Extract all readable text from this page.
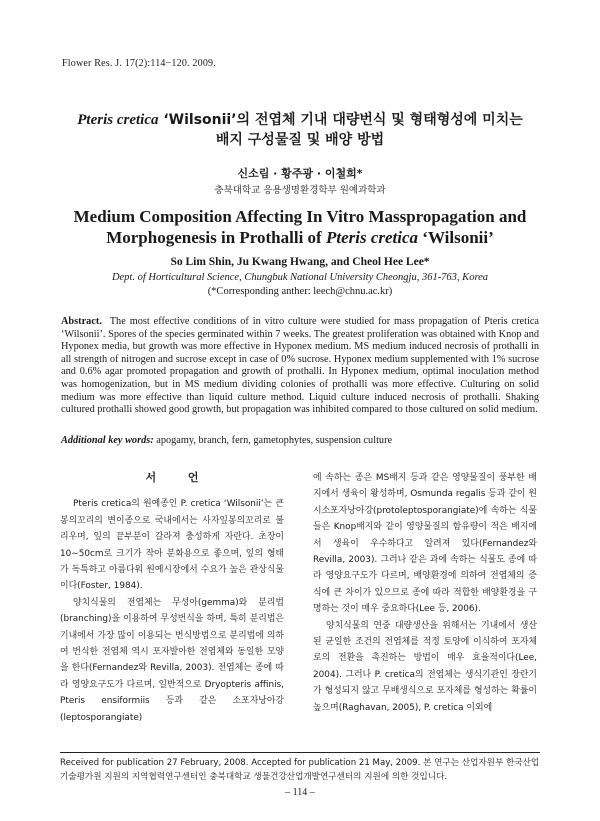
Flower Res. J. 17(2):114−120. 2009.
Pteris cretica ‘Wilsonii’의 전엽체 기내 대량번식 및 형태형성에 미치는
배지 구성물질 및 배양 방법
신소림 · 황주광 · 이철희*
충북대학교 응용생명환경학부 원예과학과
Medium Composition Affecting In Vitro Masspropagation and
Morphogenesis in Prothalli of Pteris cretica ‘Wilsonii’
So Lim Shin, Ju Kwang Hwang, and Cheol Hee Lee*
Dept. of Horticultural Science, Chungbuk National University Cheongju, 361-763, Korea
(*Corresponding anther: leech@chnu.ac.kr)
Abstract. The most effective conditions of in vitro culture were studied for mass propagation of Pteris cretica ‘Wilsonii’. Spores of the species germinated within 7 weeks. The greatest proliferation was obtained with Knop and Hyponex media, but growth was more effective in Hyponex medium. MS medium induced necrosis of prothalli in all strength of nitrogen and sucrose except in case of 0% sucrose. Hyponex medium supplemented with 1% sucrose and 0.6% agar promoted propagation and growth of prothalli. In Hyponex medium, optimal inoculation method was homogenization, but in MS medium dividing colonies of prothalli was more effective. Culturing on solid medium was more effective than liquid culture method. Liquid culture induced necrosis of prothalli. Shaking cultured prothalli showed good growth, but propagation was inhibited compared to those cultured on solid medium.
Additional key words: apogamy, branch, fern, gametophytes, suspension culture
서 언

Pteris cretica의 원예종인 P. cretica ‘Wilsonii’는 큰봉의꼬리의 변이종으로 국내에서는 사자잎봉의꼬리로 불리우며, 잎의 끝부분이 갈라져 충성하게 자란다. 초장이 10∼50cm로 크기가 작아 분화용으로 좋으며, 잎의 형태가 독특하고 아름다워 원예시장에서 수요가 높은 관상식물이다(Foster, 1984).

양치식물의 전엽체는 무성아(gemma)와 분리법(branching)을 이용하여 무성번식을 하며, 특히 분리법은 기내에서 가장 많이 이용되는 번식방법으로 분리법에 의하여 번식한 전엽체 역시 포자발아한 전엽체와 동일한 모양을 한다(Fernandez와 Revilla, 2003). 전엽체는 종에 따라 영양요구도가 다르며, 일반적으로 Dryopteris affinis, Pteris ensiformiis 등과 같은 소포자낭아강(leptosporangiate)

에 속하는 종은 MS배지 등과 같은 영양물질이 풍부한 배지에서 생육이 왕성하며, Osmunda regalis 등과 같이 원시소포자낭아강(protoleptosporangiate)에 속하는 식물들은 Knop배지와 같이 영양물질의 함유량이 적은 배지에서 생육이 우수하다고 알려져 있다(Fernandez와 Revilla, 2003). 그러나 같은 과에 속하는 식물도 종에 따라 영양요구도가 다르며, 배양환경에 의하여 전엽체의 증식에 큰 차이가 있으므로 종에 따라 적합한 배양환경을 구명하는 것이 매우 중요하다(Lee 등, 2006).

양치식물의 연중 대량생산을 위해서는 기내에서 생산된 균일한 조건의 전엽체를 적정 토양에 이식하여 포자체로의 전환을 촉진하는 방법이 매우 효율적이다(Lee, 2004). 그러나 P. cretica의 전엽체는 생식기관인 장란기가 형성되지 않고 무배생식으로 포자체를 형성하는 확률이 높으며(Raghavan, 2005), P. cretica 이외에

Received for publication 27 February, 2008. Accepted for publication 21 May, 2009. 본 연구는 산업자원부 한국산업기술평가원 지원의 지역협력연구센터인 충북대학교 생물건강산업개발연구센터의 지원에 의한 것입니다.
– 114 –
